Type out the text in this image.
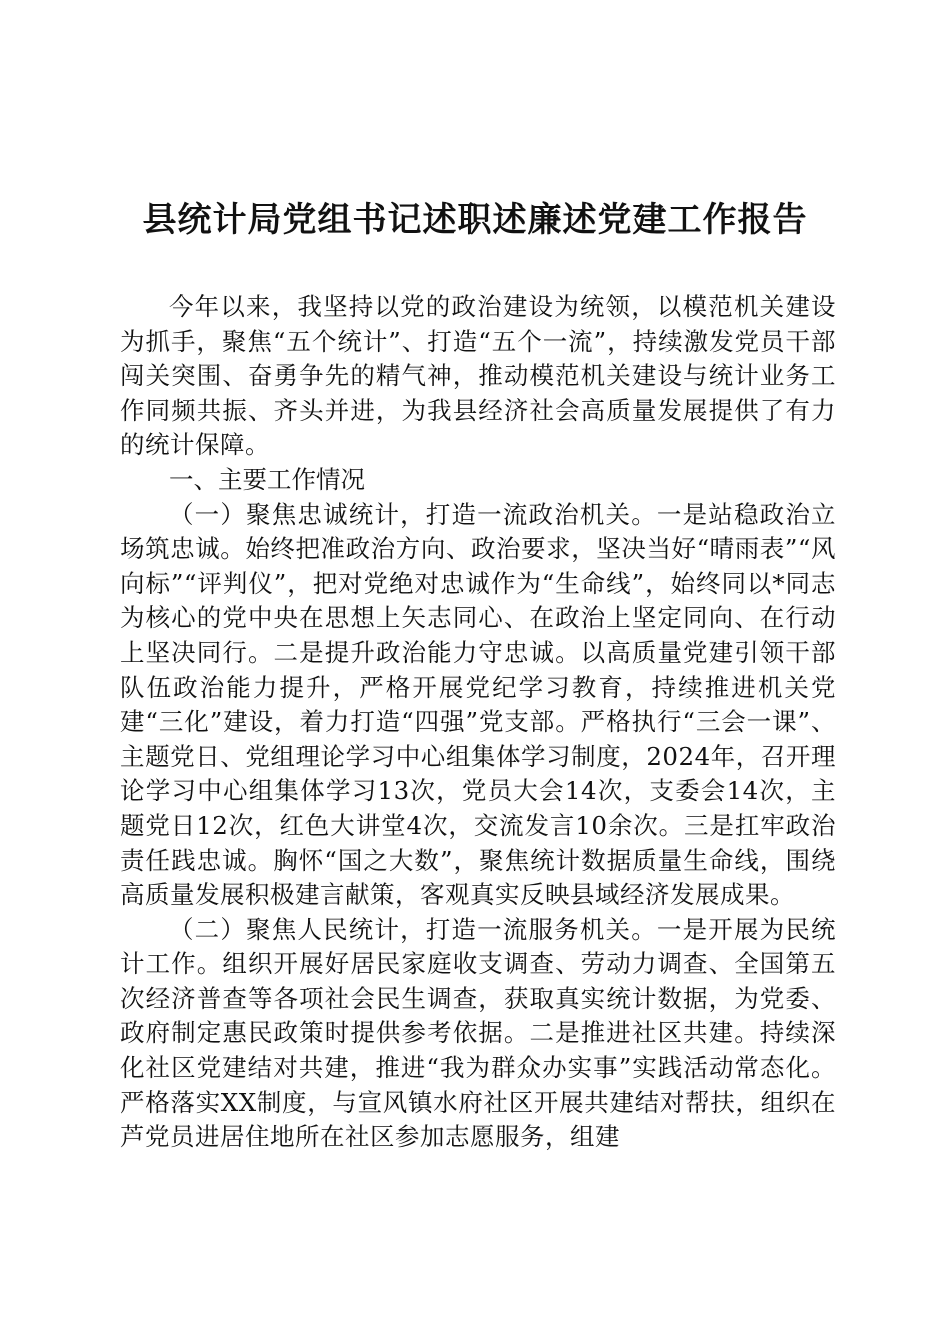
县统计局党组书记述职述廉述党建工作报告

今年以来，我坚持以党的政治建设为统领，以模范机关建设为抓手，聚焦“五个统计”、打造“五个一流”，持续激发党员干部闯关突围、奋勇争先的精气神，推动模范机关建设与统计业务工作同频共振、齐头并进，为我县经济社会高质量发展提供了有力的统计保障。

一、主要工作情况

（一）聚焦忠诚统计，打造一流政治机关。一是站稳政治立场筑忠诚。始终把准政治方向、政治要求，坚决当好“晴雨表”“风向标”“评判仪”，把对党绝对忠诚作为“生命线”，始终同以*同志为核心的党中央在思想上矢志同心、在政治上坚定同向、在行动上坚决同行。二是提升政治能力守忠诚。以高质量党建引领干部队伍政治能力提升，严格开展党纪学习教育，持续推进机关党建“三化”建设，着力打造“四强”党支部。严格执行“三会一课”、主题党日、党组理论学习中心组集体学习制度，2024年，召开理论学习中心组集体学习13次，党员大会14次，支委会14次，主题党日12次，红色大讲堂4次，交流发言10余次。三是扛牢政治责任践忠诚。胸怀“国之大数”，聚焦统计数据质量生命线，围绕高质量发展积极建言献策，客观真实反映县域经济发展成果。

（二）聚焦人民统计，打造一流服务机关。一是开展为民统计工作。组织开展好居民家庭收支调查、劳动力调查、全国第五次经济普查等各项社会民生调查，获取真实统计数据，为党委、政府制定惠民政策时提供参考依据。二是推进社区共建。持续深化社区党建结对共建，推进“我为群众办实事”实践活动常态化。严格落实XX制度，与宣风镇水府社区开展共建结对帮扶，组织在芦党员进居住地所在社区参加志愿服务，组建
